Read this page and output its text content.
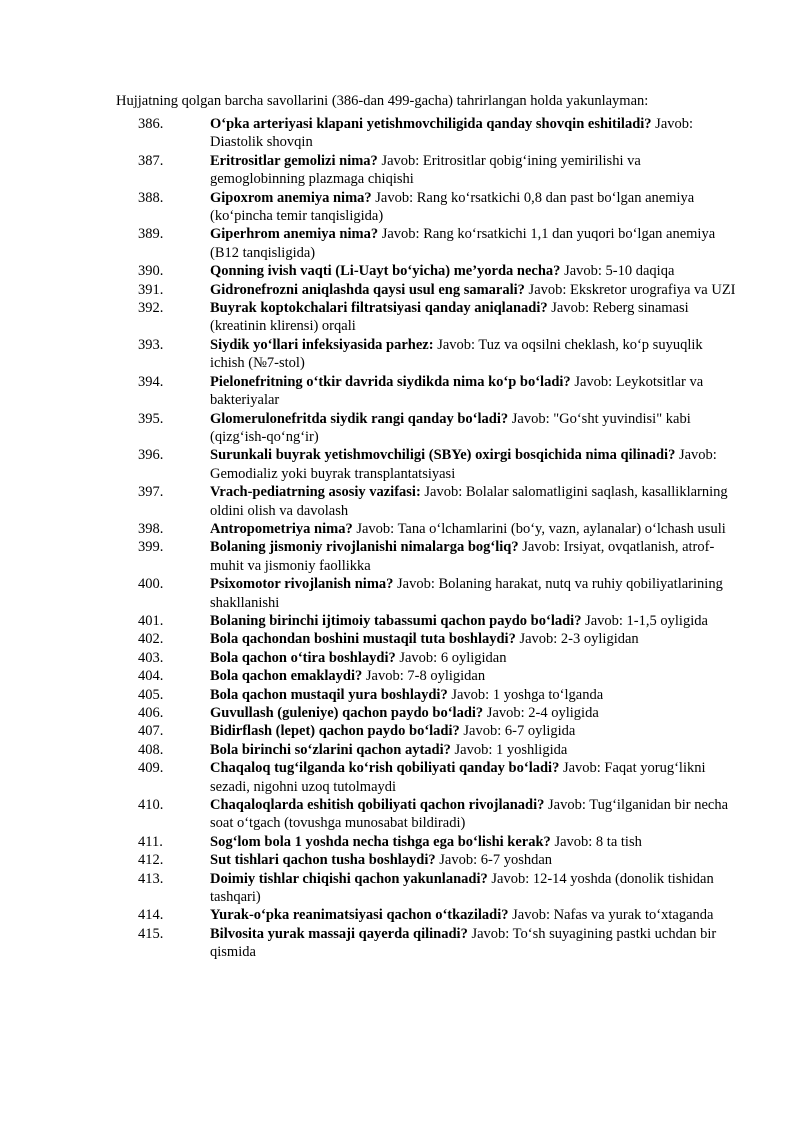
Hujjatning qolgan barcha savollarini (386-dan 499-gacha) tahrirlangan holda yakunlayman:

386.	O‘pka arteriyasi klapani yetishmovchiligida qanday shovqin eshitiladi? Javob: Diastolik shovqin
387.	Eritrositlar gemolizi nima? Javob: Eritrositlar qobig‘ining yemirilishi va gemoglobinning plazmaga chiqishi
388.	Gipoxrom anemiya nima? Javob: Rang ko‘rsatkichi 0,8 dan past bo‘lgan anemiya (ko‘pincha temir tanqisligida)
389.	Giperhrom anemiya nima? Javob: Rang ko‘rsatkichi 1,1 dan yuqori bo‘lgan anemiya (B12 tanqisligida)
390.	Qonning ivish vaqti (Li-Uayt bo‘yicha) me’yorda necha? Javob: 5-10 daqiqa
391.	Gidronefrozni aniqlashda qaysi usul eng samarali? Javob: Ekskretor urografiya va UZI
392.	Buyrak koptokchalari filtratsiyasi qanday aniqlanadi? Javob: Reberg sinamasi (kreatinin klirensi) orqali
393.	Siydik yo‘llari infeksiyasida parhez: Javob: Tuz va oqsilni cheklash, ko‘p suyuqlik ichish (№7-stol)
394.	Pielonefritning o‘tkir davrida siydikda nima ko‘p bo‘ladi? Javob: Leykotsitlar va bakteriyalar
395.	Glomerulonefritda siydik rangi qanday bo‘ladi? Javob: "Go‘sht yuvindisi" kabi (qizg‘ish-qo‘ng‘ir)
396.	Surunkali buyrak yetishmovchiligi (SBYe) oxirgi bosqichida nima qilinadi? Javob: Gemodializ yoki buyrak transplantatsiyasi
397.	Vrach-pediatrning asosiy vazifasi: Javob: Bolalar salomatligini saqlash, kasalliklarning oldini olish va davolash
398.	Antropometriya nima? Javob: Tana o‘lchamlarini (bo‘y, vazn, aylanalar) o‘lchash usuli
399.	Bolaning jismoniy rivojlanishi nimalarga bog‘liq? Javob: Irsiyat, ovqatlanish, atrof-muhit va jismoniy faollikka
400.	Psixomotor rivojlanish nima? Javob: Bolaning harakat, nutq va ruhiy qobiliyatlarining shakllanishi
401.	Bolaning birinchi ijtimoiy tabassumi qachon paydo bo‘ladi? Javob: 1-1,5 oyligida
402.	Bola qachondan boshini mustaqil tuta boshlaydi? Javob: 2-3 oyligidan
403.	Bola qachon o‘tira boshlaydi? Javob: 6 oyligidan
404.	Bola qachon emaklaydi? Javob: 7-8 oyligidan
405.	Bola qachon mustaqil yura boshlaydi? Javob: 1 yoshga to‘lganda
406.	Guvullash (guleniye) qachon paydo bo‘ladi? Javob: 2-4 oyligida
407.	Bidirflash (lepet) qachon paydo bo‘ladi? Javob: 6-7 oyligida
408.	Bola birinchi so‘zlarini qachon aytadi? Javob: 1 yoshligida
409.	Chaqaloq tug‘ilganda ko‘rish qobiliyati qanday bo‘ladi? Javob: Faqat yorug‘likni sezadi, nigohni uzoq tutolmaydi
410.	Chaqaloqlarda eshitish qobiliyati qachon rivojlanadi? Javob: Tug‘ilganidan bir necha soat o‘tgach (tovushga munosabat bildiradi)
411.	Sog‘lom bola 1 yoshda necha tishga ega bo‘lishi kerak? Javob: 8 ta tish
412.	Sut tishlari qachon tusha boshlaydi? Javob: 6-7 yoshdan
413.	Doimiy tishlar chiqishi qachon yakunlanadi? Javob: 12-14 yoshda (donolik tishidan tashqari)
414.	Yurak-o‘pka reanimatsiyasi qachon o‘tkaziladi? Javob: Nafas va yurak to‘xtaganda
415.	Bilvosita yurak massaji qayerda qilinadi? Javob: To‘sh suyagining pastki uchdan bir qismida
